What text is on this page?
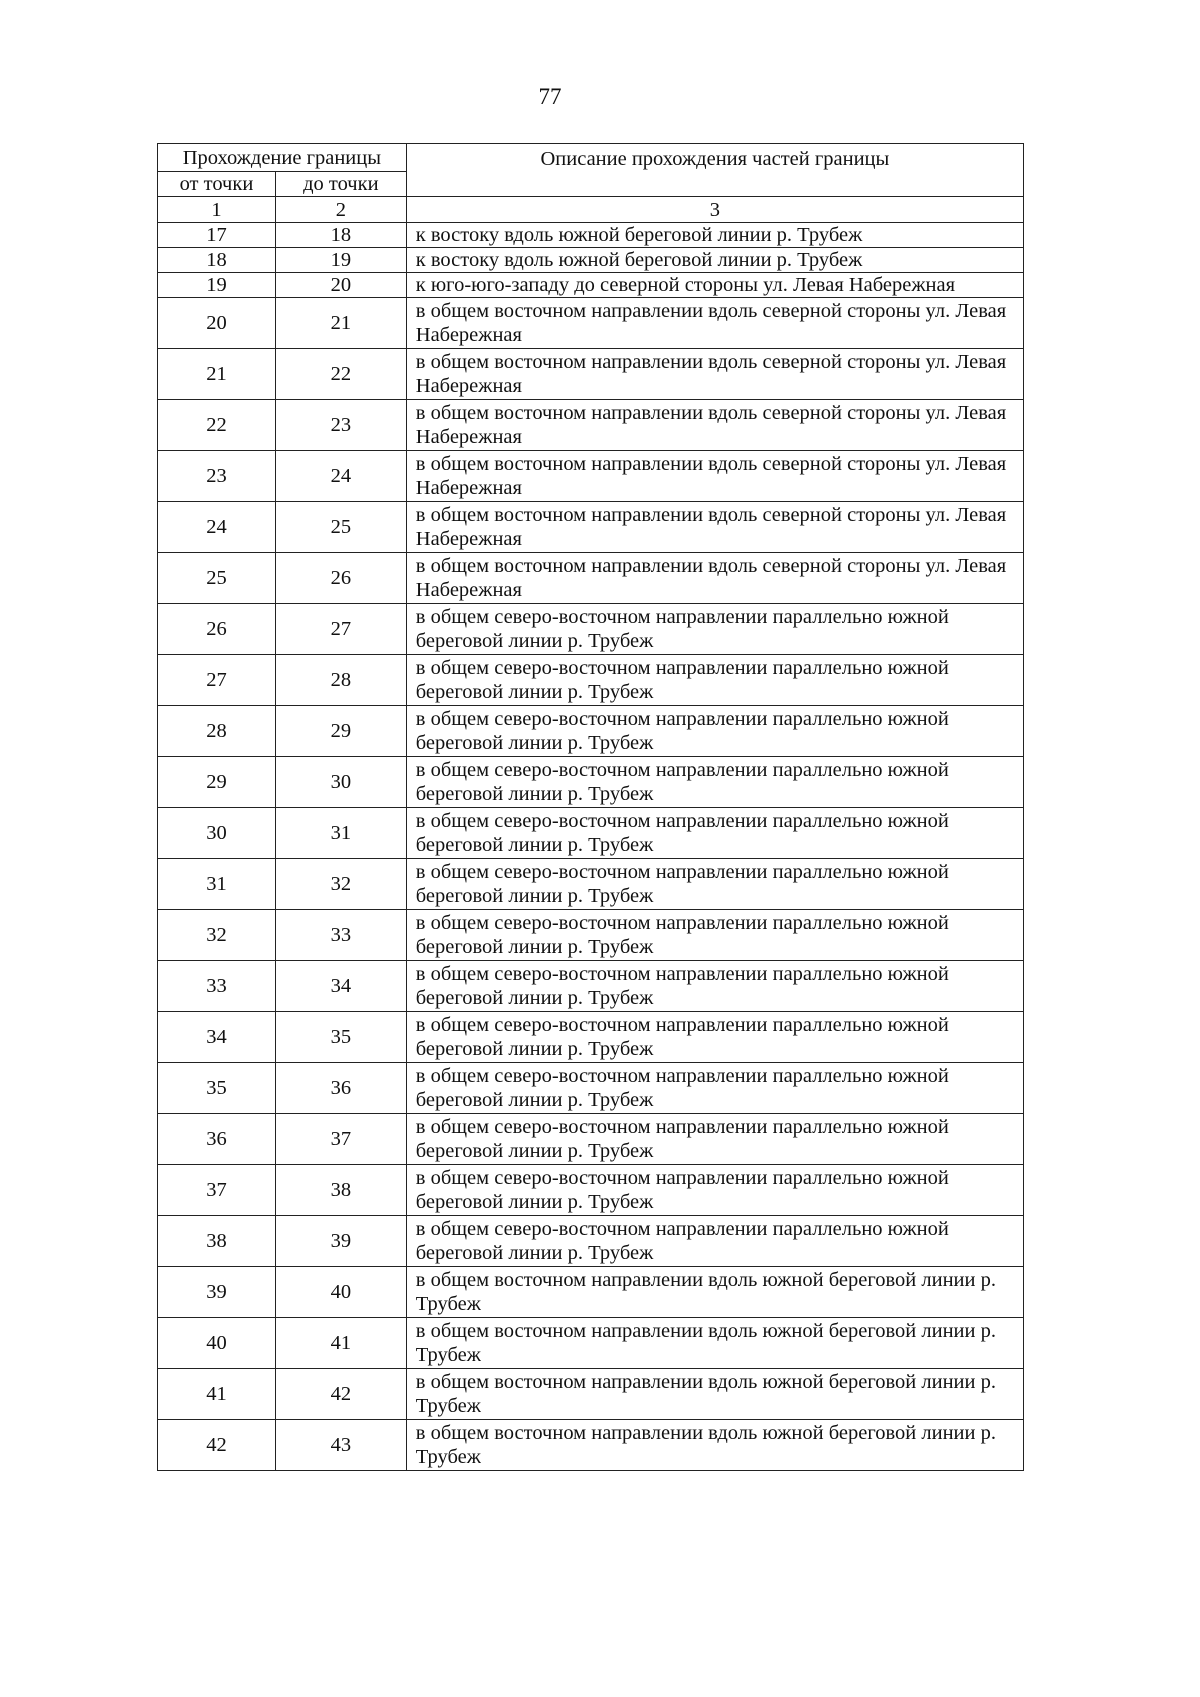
77
Прохождение границы		Описание прохождения частей границы
от точки	до точки	
1	2	3
17	18	к востоку вдоль южной береговой линии р. Трубеж
18	19	к востоку вдоль южной береговой линии р. Трубеж
19	20	к юго-юго-западу до северной стороны ул. Левая Набережная
20	21	в общем восточном направлении вдоль северной стороны ул. Левая Набережная
21	22	в общем восточном направлении вдоль северной стороны ул. Левая Набережная
22	23	в общем восточном направлении вдоль северной стороны ул. Левая Набережная
23	24	в общем восточном направлении вдоль северной стороны ул. Левая Набережная
24	25	в общем восточном направлении вдоль северной стороны ул. Левая Набережная
25	26	в общем восточном направлении вдоль северной стороны ул. Левая Набережная
26	27	в общем северо-восточном направлении параллельно южной береговой линии р. Трубеж
27	28	в общем северо-восточном направлении параллельно южной береговой линии р. Трубеж
28	29	в общем северо-восточном направлении параллельно южной береговой линии р. Трубеж
29	30	в общем северо-восточном направлении параллельно южной береговой линии р. Трубеж
30	31	в общем северо-восточном направлении параллельно южной береговой линии р. Трубеж
31	32	в общем северо-восточном направлении параллельно южной береговой линии р. Трубеж
32	33	в общем северо-восточном направлении параллельно южной береговой линии р. Трубеж
33	34	в общем северо-восточном направлении параллельно южной береговой линии р. Трубеж
34	35	в общем северо-восточном направлении параллельно южной береговой линии р. Трубеж
35	36	в общем северо-восточном направлении параллельно южной береговой линии р. Трубеж
36	37	в общем северо-восточном направлении параллельно южной береговой линии р. Трубеж
37	38	в общем северо-восточном направлении параллельно южной береговой линии р. Трубеж
38	39	в общем северо-восточном направлении параллельно южной береговой линии р. Трубеж
39	40	в общем восточном направлении вдоль южной береговой линии р. Трубеж
40	41	в общем восточном направлении вдоль южной береговой линии р. Трубеж
41	42	в общем восточном направлении вдоль южной береговой линии р. Трубеж
42	43	в общем восточном направлении вдоль южной береговой линии р. Трубеж
